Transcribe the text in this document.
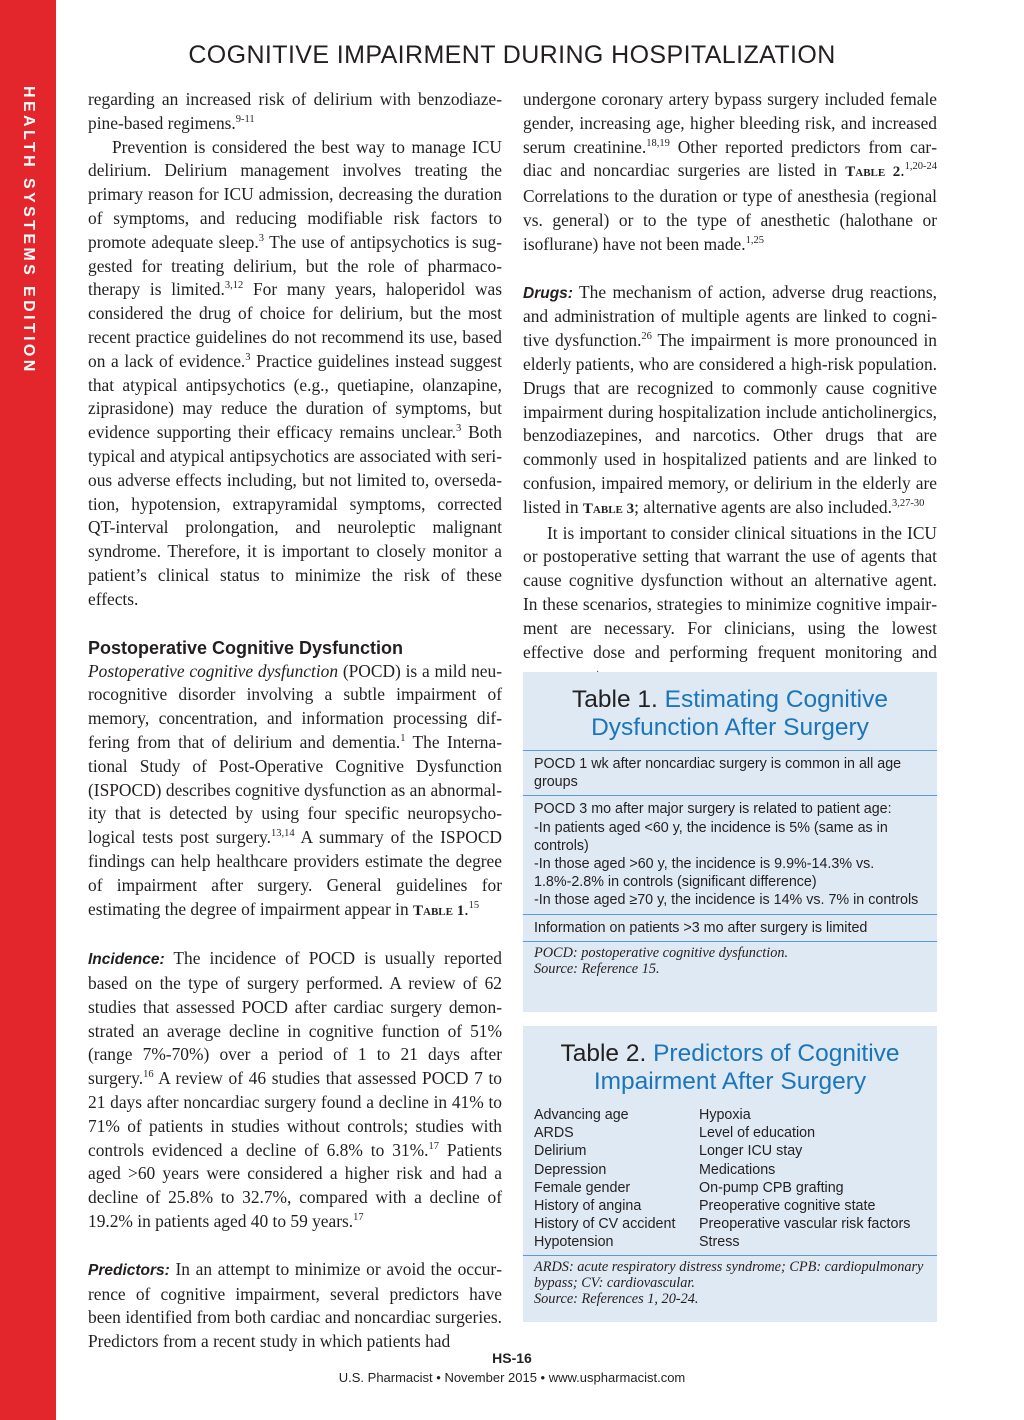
HEALTH SYSTEMS EDITION
COGNITIVE IMPAIRMENT DURING HOSPITALIZATION

regarding an increased risk of delirium with benzodiazepine-based regimens.$^{9-11}$

Prevention is considered the best way to manage ICU delirium. Delirium management involves treating the primary reason for ICU admission, decreasing the duration of symptoms, and reducing modifiable risk factors to promote adequate sleep.$^3$ The use of antipsychotics is suggested for treating delirium, but the role of pharmacotherapy is limited.$^{3,12}$ For many years, haloperidol was considered the drug of choice for delirium, but the most recent practice guidelines do not recommend its use, based on a lack of evidence.$^3$ Practice guidelines instead suggest that atypical antipsychotics (e.g., quetiapine, olanzapine, ziprasidone) may reduce the duration of symptoms, but evidence supporting their efficacy remains unclear.$^3$ Both typical and atypical antipsychotics are associated with serious adverse effects including, but not limited to, oversedation, hypotension, extrapyramidal symptoms, corrected QT-interval prolongation, and neuroleptic malignant syndrome. Therefore, it is important to closely monitor a patient’s clinical status to minimize the risk of these effects.

Postoperative Cognitive Dysfunction

Postoperative cognitive dysfunction (POCD) is a mild neurocognitive disorder involving a subtle impairment of memory, concentration, and information processing differing from that of delirium and dementia.$^1$ The International Study of Post-Operative Cognitive Dysfunction (ISPOCD) describes cognitive dysfunction as an abnormality that is detected by using four specific neuropsychological tests post surgery.$^{13,14}$ A summary of the ISPOCD findings can help healthcare providers estimate the degree of impairment after surgery. General guidelines for estimating the degree of impairment appear in Table 1.15

Incidence: The incidence of POCD is usually reported based on the type of surgery performed. A review of 62 studies that assessed POCD after cardiac surgery demonstrated an average decline in cognitive function of 51% (range 7%-70%) over a period of 1 to 21 days after surgery.$^{16}$ A review of 46 studies that assessed POCD 7 to 21 days after noncardiac surgery found a decline in 41% to 71% of patients in studies without controls; studies with controls evidenced a decline of 6.8% to 31%.$^{17}$ Patients aged >60 years were considered a higher risk and had a decline of 25.8% to 32.7%, compared with a decline of 19.2% in patients aged 40 to 59 years.$^{17}$

Predictors: In an attempt to minimize or avoid the occurrence of cognitive impairment, several predictors have been identified from both cardiac and noncardiac surgeries. Predictors from a recent study in which patients had

undergone coronary artery bypass surgery included female gender, increasing age, higher bleeding risk, and increased serum creatinine.$^{18,19}$ Other reported predictors from cardiac and noncardiac surgeries are listed in Table 2.$^{1,20-24}$ Correlations to the duration or type of anesthesia (regional vs. general) or to the type of anesthetic (halothane or isoflurane) have not been made.$^{1,25}$

Drugs: The mechanism of action, adverse drug reactions, and administration of multiple agents are linked to cognitive dysfunction.$^{26}$ The impairment is more pronounced in elderly patients, who are considered a high-risk population. Drugs that are recognized to commonly cause cognitive impairment during hospitalization include anticholinergics, benzodiazepines, and narcotics. Other drugs that are commonly used in hospitalized patients and are linked to confusion, impaired memory, or delirium in the elderly are listed in Table 3; alternative agents are also included.$^{3,27-30}$

It is important to consider clinical situations in the ICU or postoperative setting that warrant the use of agents that cause cognitive dysfunction without an alternative agent. In these scenarios, strategies to minimize cognitive impairment are necessary. For clinicians, using the lowest effective dose and performing frequent monitoring and

Table 1. Estimating Cognitive Dysfunction After Surgery
POCD 1 wk after noncardiac surgery is common in all age groups
POCD 3 mo after major surgery is related to patient age:
-In patients aged <60 y, the incidence is 5% (same as in controls)
-In those aged >60 y, the incidence is 9.9%-14.3% vs. 1.8%-2.8% in controls (significant difference)
-In those aged ≥70 y, the incidence is 14% vs. 7% in controls
Information on patients >3 mo after surgery is limited
POCD: postoperative cognitive dysfunction.
Source: Reference 15.
Table 2. Predictors of Cognitive Impairment After Surgery
Advancing age	Hypoxia
ARDS	Level of education
Delirium	Longer ICU stay
Depression	Medications
Female gender	On-pump CPB grafting
History of angina	Preoperative cognitive state
History of CV accident	Preoperative vascular risk factors
Hypotension	Stress
ARDS: acute respiratory distress syndrome; CPB: cardiopulmonary bypass; CV: cardiovascular.
Source: References 1, 20-24.
HS-16
U.S. Pharmacist • November 2015 • www.uspharmacist.com
